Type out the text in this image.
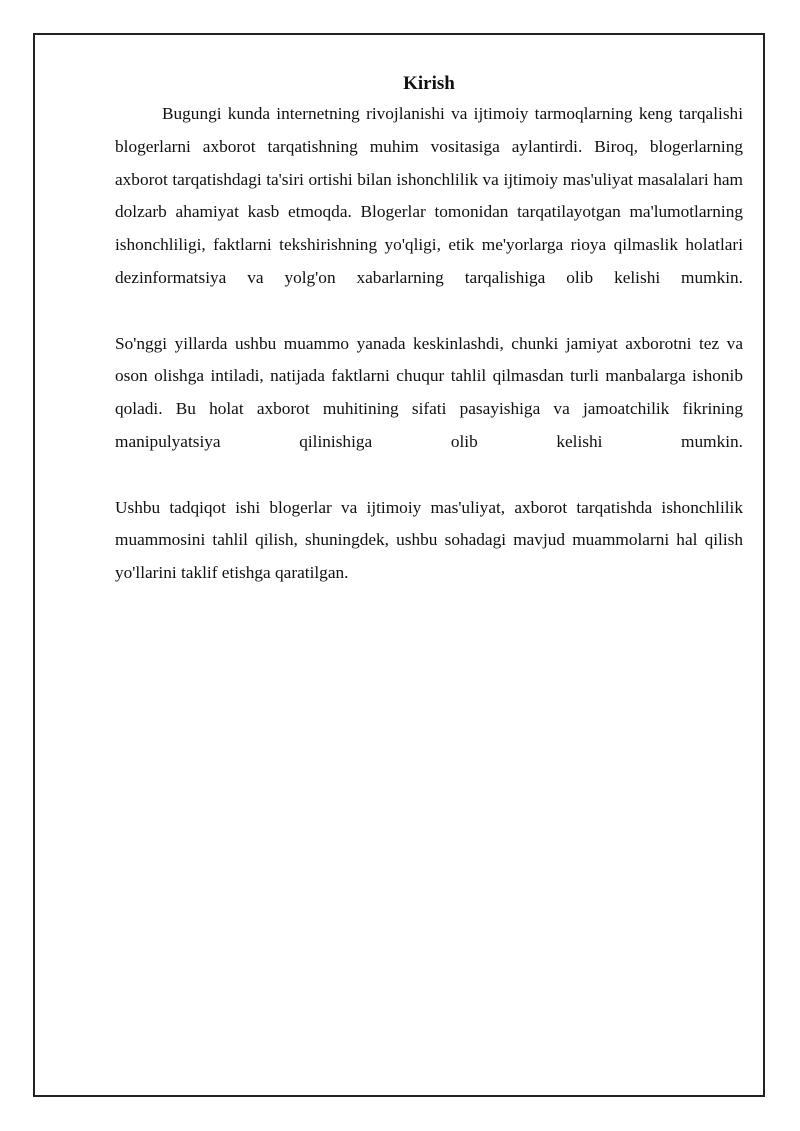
Kirish

Bugungi kunda internetning rivojlanishi va ijtimoiy tarmoqlarning keng tarqalishi blogerlarni axborot tarqatishning muhim vositasiga aylantirdi. Biroq, blogerlarning axborot tarqatishdagi ta'siri ortishi bilan ishonchlilik va ijtimoiy mas'uliyat masalalari ham dolzarb ahamiyat kasb etmoqda. Blogerlar tomonidan tarqatilayotgan ma'lumotlarning ishonchliligi, faktlarni tekshirishning yo'qligi, etik me'yorlarga rioya qilmaslik holatlari dezinformatsiya va yolg'on xabarlarning tarqalishiga olib kelishi mumkin.

So'nggi yillarda ushbu muammo yanada keskinlashdi, chunki jamiyat axborotni tez va oson olishga intiladi, natijada faktlarni chuqur tahlil qilmasdan turli manbalarga ishonib qoladi. Bu holat axborot muhitining sifati pasayishiga va jamoatchilik fikrining manipulyatsiya qilinishiga olib kelishi mumkin.

Ushbu tadqiqot ishi blogerlar va ijtimoiy mas'uliyat, axborot tarqatishda ishonchlilik muammosini tahlil qilish, shuningdek, ushbu sohadagi mavjud muammolarni hal qilish yo'llarini taklif etishga qaratilgan.
